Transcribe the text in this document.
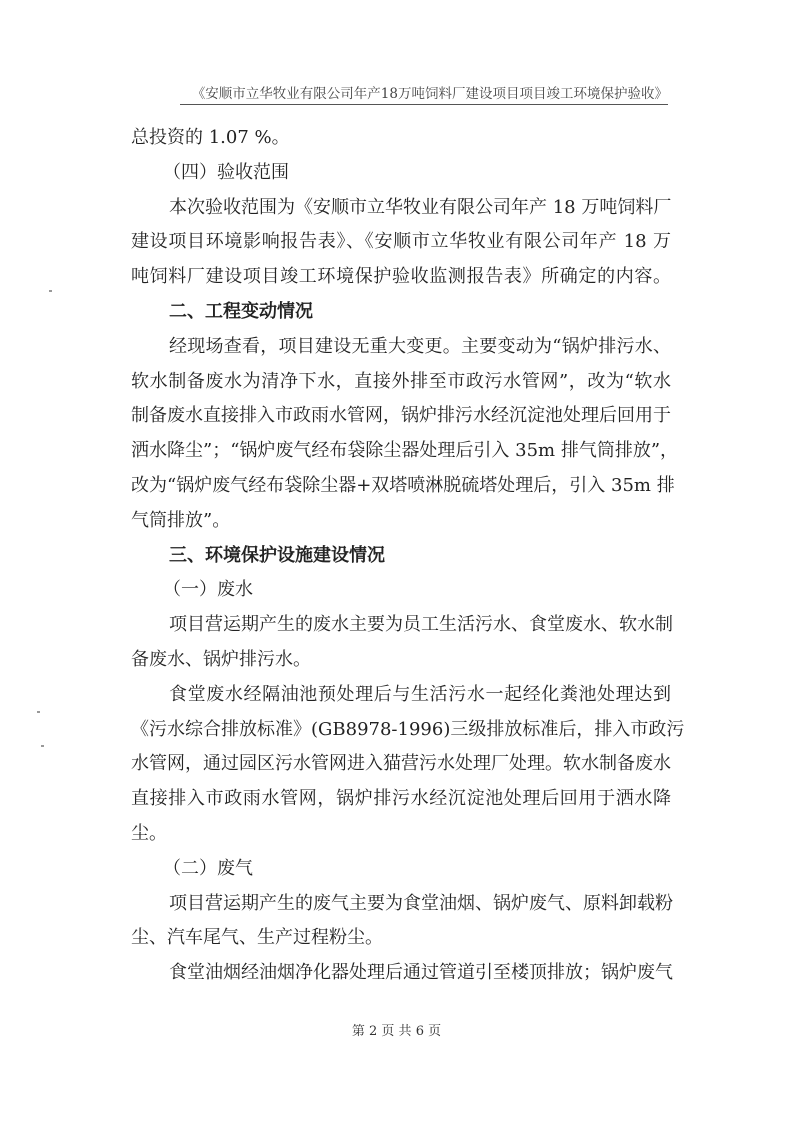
《安顺市立华牧业有限公司年产18万吨饲料厂建设项目项目竣工环境保护验收》
总投资的 1.07 %。
（四）验收范围
本次验收范围为《安顺市立华牧业有限公司年产 18 万吨饲料厂
建设项目环境影响报告表》、《安顺市立华牧业有限公司年产 18 万
吨饲料厂建设项目竣工环境保护验收监测报告表》所确定的内容。
二、工程变动情况
经现场查看，项目建设无重大变更。主要变动为“锅炉排污水、
软水制备废水为清净下水，直接外排至市政污水管网”，改为“软水
制备废水直接排入市政雨水管网，锅炉排污水经沉淀池处理后回用于
洒水降尘”；“锅炉废气经布袋除尘器处理后引入 35m 排气筒排放”，
改为“锅炉废气经布袋除尘器+双塔喷淋脱硫塔处理后，引入 35m 排
气筒排放”。
三、环境保护设施建设情况
（一）废水
项目营运期产生的废水主要为员工生活污水、食堂废水、软水制
备废水、锅炉排污水。
食堂废水经隔油池预处理后与生活污水一起经化粪池处理达到
《污水综合排放标准》(GB8978-1996)三级排放标准后，排入市政污
水管网，通过园区污水管网进入猫营污水处理厂处理。软水制备废水
直接排入市政雨水管网，锅炉排污水经沉淀池处理后回用于洒水降
尘。
（二）废气
项目营运期产生的废气主要为食堂油烟、锅炉废气、原料卸载粉
尘、汽车尾气、生产过程粉尘。
食堂油烟经油烟净化器处理后通过管道引至楼顶排放；锅炉废气
第 2 页 共 6 页
